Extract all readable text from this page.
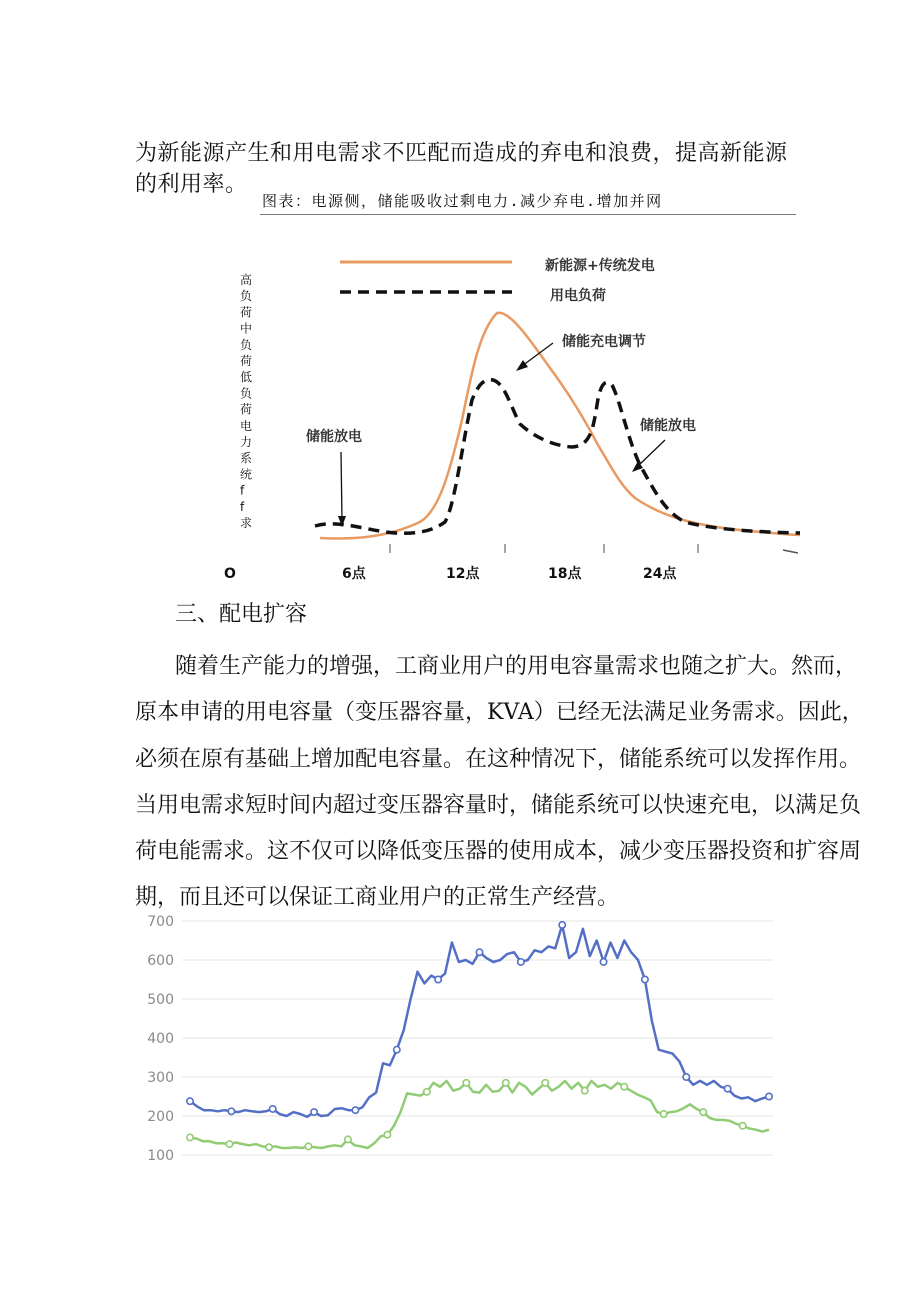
为新能源产生和用电需求不匹配而造成的弃电和浪费，提高新能源的利用率。

图表：电源侧，储能吸收过剩电力.减少弃电.增加并网
高
负
荷
中
负
荷
低
负
荷
电
力
系
统
f
f
求
新能源+传统发电
用电负荷
储能放电
储能充电调节
储能放电
O	6点	12点	18点	24点
三、配电扩容
随着生产能力的增强，工商业用户的用电容量需求也随之扩大。然而，
原本申请的用电容量（变压器容量，KVA）已经无法满足业务需求。因此，
必须在原有基础上增加配电容量。在这种情况下，储能系统可以发挥作用。
当用电需求短时间内超过变压器容量时，储能系统可以快速充电，以满足负
荷电能需求。这不仅可以降低变压器的使用成本，减少变压器投资和扩容周
期，而且还可以保证工商业用户的正常生产经营。
100
200
300
400
500
600
700
